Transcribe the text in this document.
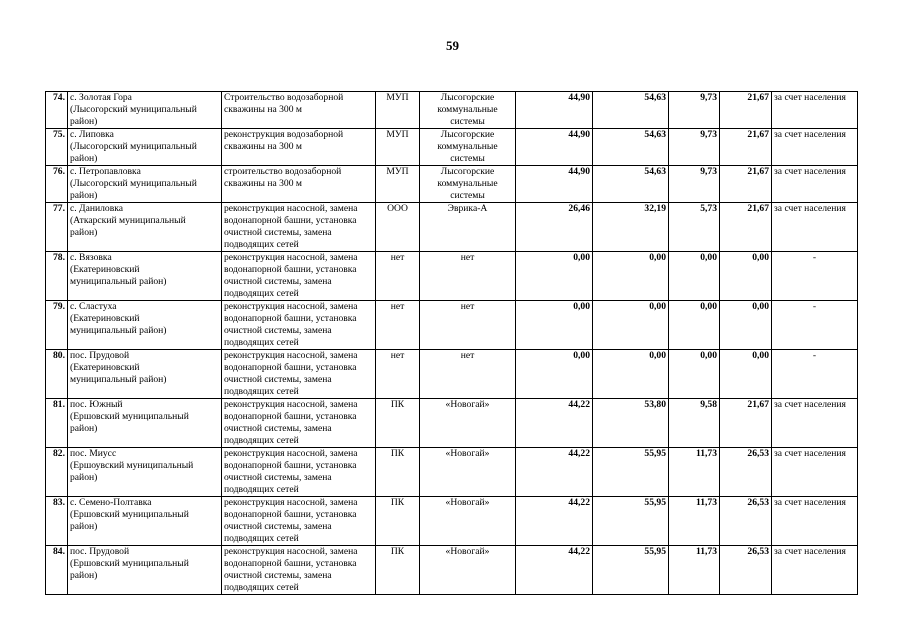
59
74.	с. Золотая Гора
(Лысогорский муниципальный
район)	Строительство водозаборной
скважины на 300 м	МУП	Лысогорские
коммунальные
системы	44,90	54,63	9,73	21,67	за счет населения
75.	с. Липовка
(Лысогорский муниципальный
район)	реконструкция водозаборной
скважины на 300 м	МУП	Лысогорские
коммунальные
системы	44,90	54,63	9,73	21,67	за счет населения
76.	с. Петропавловка
(Лысогорский муниципальный
район)	строительство водозаборной
скважины на 300 м	МУП	Лысогорские
коммунальные
системы	44,90	54,63	9,73	21,67	за счет населения
77.	с. Даниловка
(Аткарский муниципальный
район)	реконструкция насосной, замена
водонапорной башни, установка
очистной системы, замена
подводящих сетей	ООО	Эврика-А	26,46	32,19	5,73	21,67	за счет населения
78.	с. Вязовка
(Екатериновский
муниципальный район)	реконструкция насосной, замена
водонапорной башни, установка
очистной системы, замена
подводящих сетей	нет	нет	0,00	0,00	0,00	0,00	-
79.	с. Сластуха
(Екатериновский
муниципальный район)	реконструкция насосной, замена
водонапорной башни, установка
очистной системы, замена
подводящих сетей	нет	нет	0,00	0,00	0,00	0,00	-
80.	пос. Прудовой
(Екатериновский
муниципальный район)	реконструкция насосной, замена
водонапорной башни, установка
очистной системы, замена
подводящих сетей	нет	нет	0,00	0,00	0,00	0,00	-
81.	пос. Южный
(Ершовский муниципальный
район)	реконструкция насосной, замена
водонапорной башни, установка
очистной системы, замена
подводящих сетей	ПК	«Новогай»	44,22	53,80	9,58	21,67	за счет населения
82.	пос. Миусс
(Ершоувский муниципальный
район)	реконструкция насосной, замена
водонапорной башни, установка
очистной системы, замена
подводящих сетей	ПК	«Новогай»	44,22	55,95	11,73	26,53	за счет населения
83.	с. Семено-Полтавка
(Ершовский муниципальный
район)	реконструкция насосной, замена
водонапорной башни, установка
очистной системы, замена
подводящих сетей	ПК	«Новогай»	44,22	55,95	11,73	26,53	за счет населения
84.	пос. Прудовой
(Ершовский муниципальный
район)	реконструкция насосной, замена
водонапорной башни, установка
очистной системы, замена
подводящих сетей	ПК	«Новогай»	44,22	55,95	11,73	26,53	за счет населения
